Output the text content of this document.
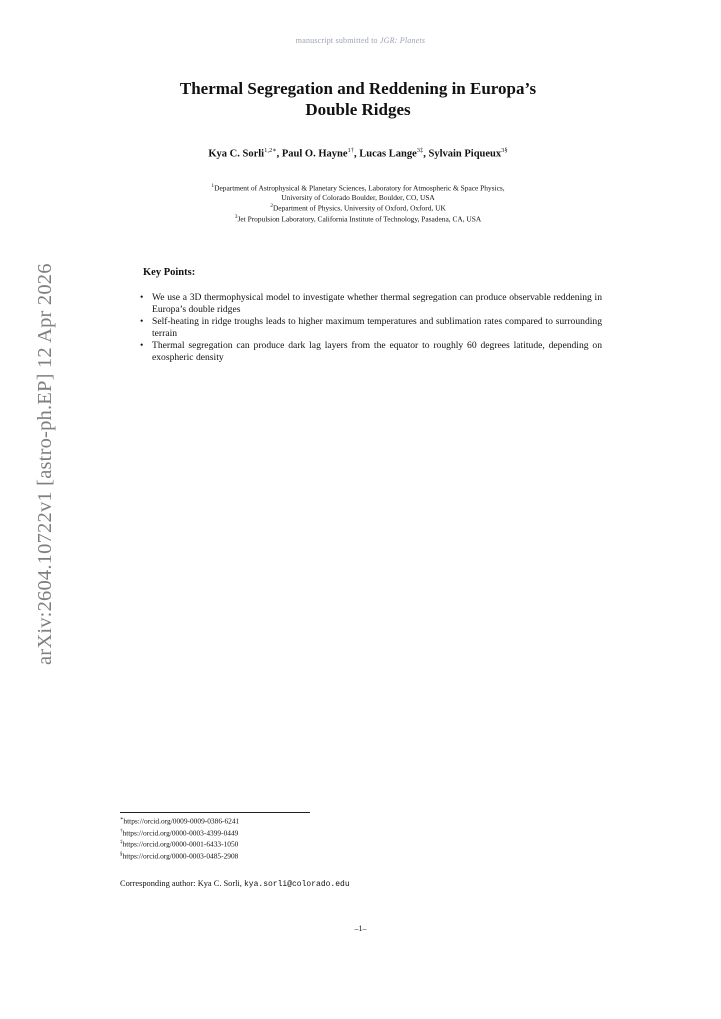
manuscript submitted to JGR: Planets
arXiv:2604.10722v1 [astro-ph.EP] 12 Apr 2026
Thermal Segregation and Reddening in Europa’s
Double Ridges
Kya C. Sorli$^{1,2∗}$, Paul O. Hayne$^{1\dagger}$, Lucas Lange$^{3\ddagger}$, Sylvain Piqueux$^{3\S}$
$^1$Department of Astrophysical & Planetary Sciences, Laboratory for Atmospheric & Space Physics,
University of Colorado Boulder, Boulder, CO, USA
$^2$Department of Physics, University of Oxford, Oxford, UK
$^3$Jet Propulsion Laboratory, California Institute of Technology, Pasadena, CA, USA
Key Points:
• We use a 3D thermophysical model to investigate whether thermal segregation can produce observable reddening in Europa’s double ridges
• Self-heating in ridge troughs leads to higher maximum temperatures and sublimation rates compared to surrounding terrain
• Thermal segregation can produce dark lag layers from the equator to roughly 60 degrees latitude, depending on exospheric density
∗https://orcid.org/0009-0009-0386-6241
†https://orcid.org/0000-0003-4399-0449
‡https://orcid.org/0000-0001-6433-1050
§https://orcid.org/0000-0003-0485-2908
Corresponding author: Kya C. Sorli, kya.sorli@colorado.edu
–1–
